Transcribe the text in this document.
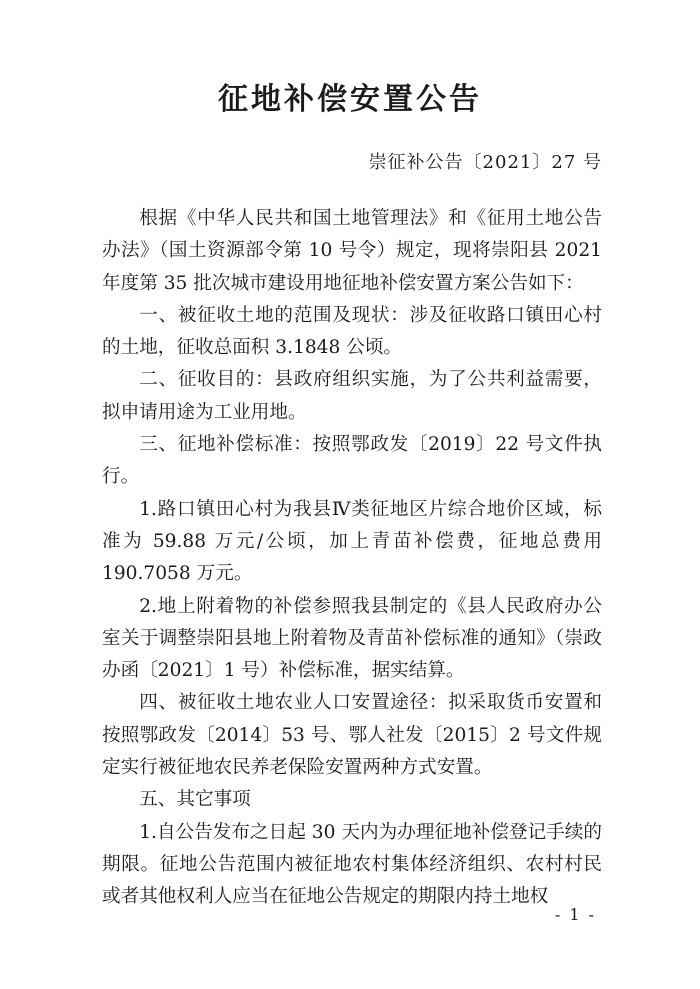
征地补偿安置公告
崇征补公告〔2021〕27 号

根据《中华人民共和国土地管理法》和《征用土地公告办法》（国土资源部令第 10 号令）规定，现将崇阳县 2021 年度第 35 批次城市建设用地征地补偿安置方案公告如下：

一、被征收土地的范围及现状：涉及征收路口镇田心村的土地，征收总面积 3.1848 公顷。

二、征收目的：县政府组织实施，为了公共利益需要，拟申请用途为工业用地。

三、征地补偿标准：按照鄂政发〔2019〕22 号文件执行。

1.路口镇田心村为我县Ⅳ类征地区片综合地价区域，标准为 59.88 万元/公顷，加上青苗补偿费，征地总费用 190.7058 万元。

2.地上附着物的补偿参照我县制定的《县人民政府办公室关于调整崇阳县地上附着物及青苗补偿标准的通知》（崇政办函〔2021〕1 号）补偿标准，据实结算。

四、被征收土地农业人口安置途径：拟采取货币安置和按照鄂政发〔2014〕53 号、鄂人社发〔2015〕2 号文件规定实行被征地农民养老保险安置两种方式安置。

五、其它事项

1.自公告发布之日起 30 天内为办理征地补偿登记手续的期限。征地公告范围内被征地农村集体经济组织、农村村民或者其他权利人应当在征地公告规定的期限内持土地权

- 1 -
